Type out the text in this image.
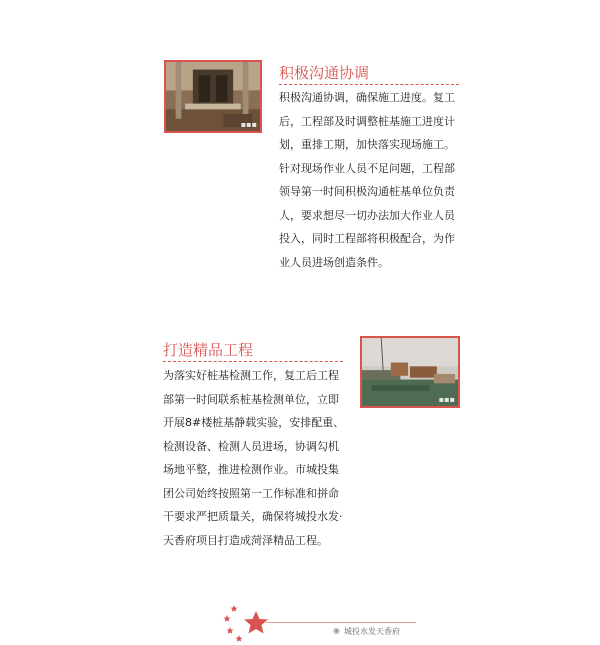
▪▪▪
积极沟通协调

积极沟通协调，确保施工进度。复工后，工程部及时调整桩基施工进度计划，重排工期，加快落实现场施工。针对现场作业人员不足问题，工程部领导第一时间积极沟通桩基单位负责人，要求想尽一切办法加大作业人员投入，同时工程部将积极配合，为作业人员进场创造条件。

打造精品工程

为落实好桩基检测工作，复工后工程部第一时间联系桩基检测单位，立即开展8#楼桩基静载实验，安排配重、检测设备、检测人员进场，协调勾机场地平整，推进检测作业。市城投集团公司始终按照第一工作标准和拼命干要求严把质量关，确保将城投水发·天香府项目打造成菏泽精品工程。

▪▪▪
◉ 城投水发天香府
